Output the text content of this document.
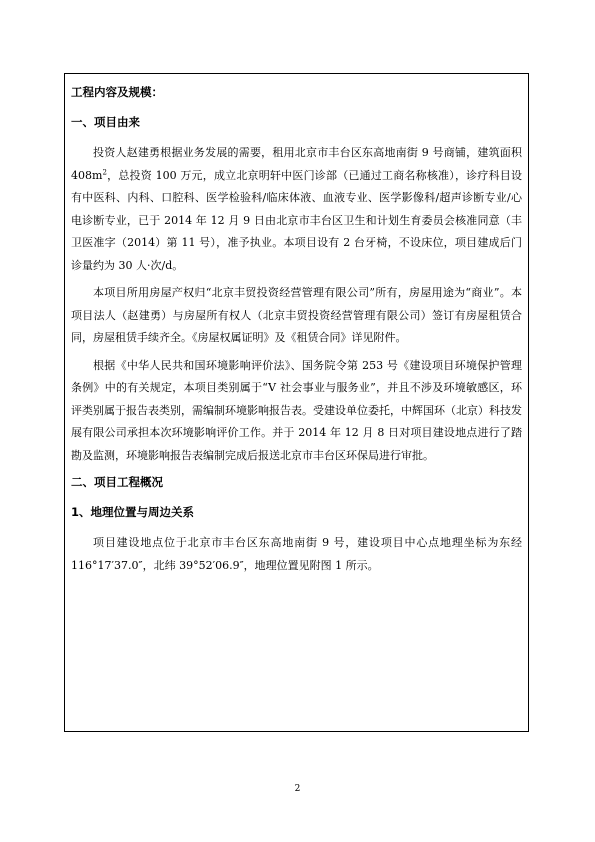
工程内容及规模：
一、项目由来

投资人赵建勇根据业务发展的需要，租用北京市丰台区东高地南街 9 号商铺，建筑面积 $408m^2$，总投资 100 万元，成立北京明轩中医门诊部（已通过工商名称核准），诊疗科目设有中医科、内科、口腔科、医学检验科/临床体液、血液专业、医学影像科/超声诊断专业/心电诊断专业，已于 2014 年 12 月 9 日由北京市丰台区卫生和计划生育委员会核准同意（丰卫医准字（2014）第 11 号），准予执业。本项目设有 2 台牙椅，不设床位，项目建成后门诊量约为 30 人·次/d。

本项目所用房屋产权归“北京丰贸投资经营管理有限公司”所有，房屋用途为“商业”。本项目法人（赵建勇）与房屋所有权人（北京丰贸投资经营管理有限公司）签订有房屋租赁合同，房屋租赁手续齐全。《房屋权属证明》及《租赁合同》详见附件。

根据《中华人民共和国环境影响评价法》、国务院令第 253 号《建设项目环境保护管理条例》中的有关规定，本项目类别属于“Ⅴ 社会事业与服务业”，并且不涉及环境敏感区，环评类别属于报告表类别，需编制环境影响报告表。受建设单位委托，中辉国环（北京）科技发展有限公司承担本次环境影响评价工作。并于 2014 年 12 月 8 日对项目建设地点进行了踏勘及监测，环境影响报告表编制完成后报送北京市丰台区环保局进行审批。

二、项目工程概况
1、地理位置与周边关系

项目建设地点位于北京市丰台区东高地南街 9 号，建设项目中心点地理坐标为东经 116°17′37.0″，北纬 39°52′06.9″，地理位置见附图 1 所示。

2
